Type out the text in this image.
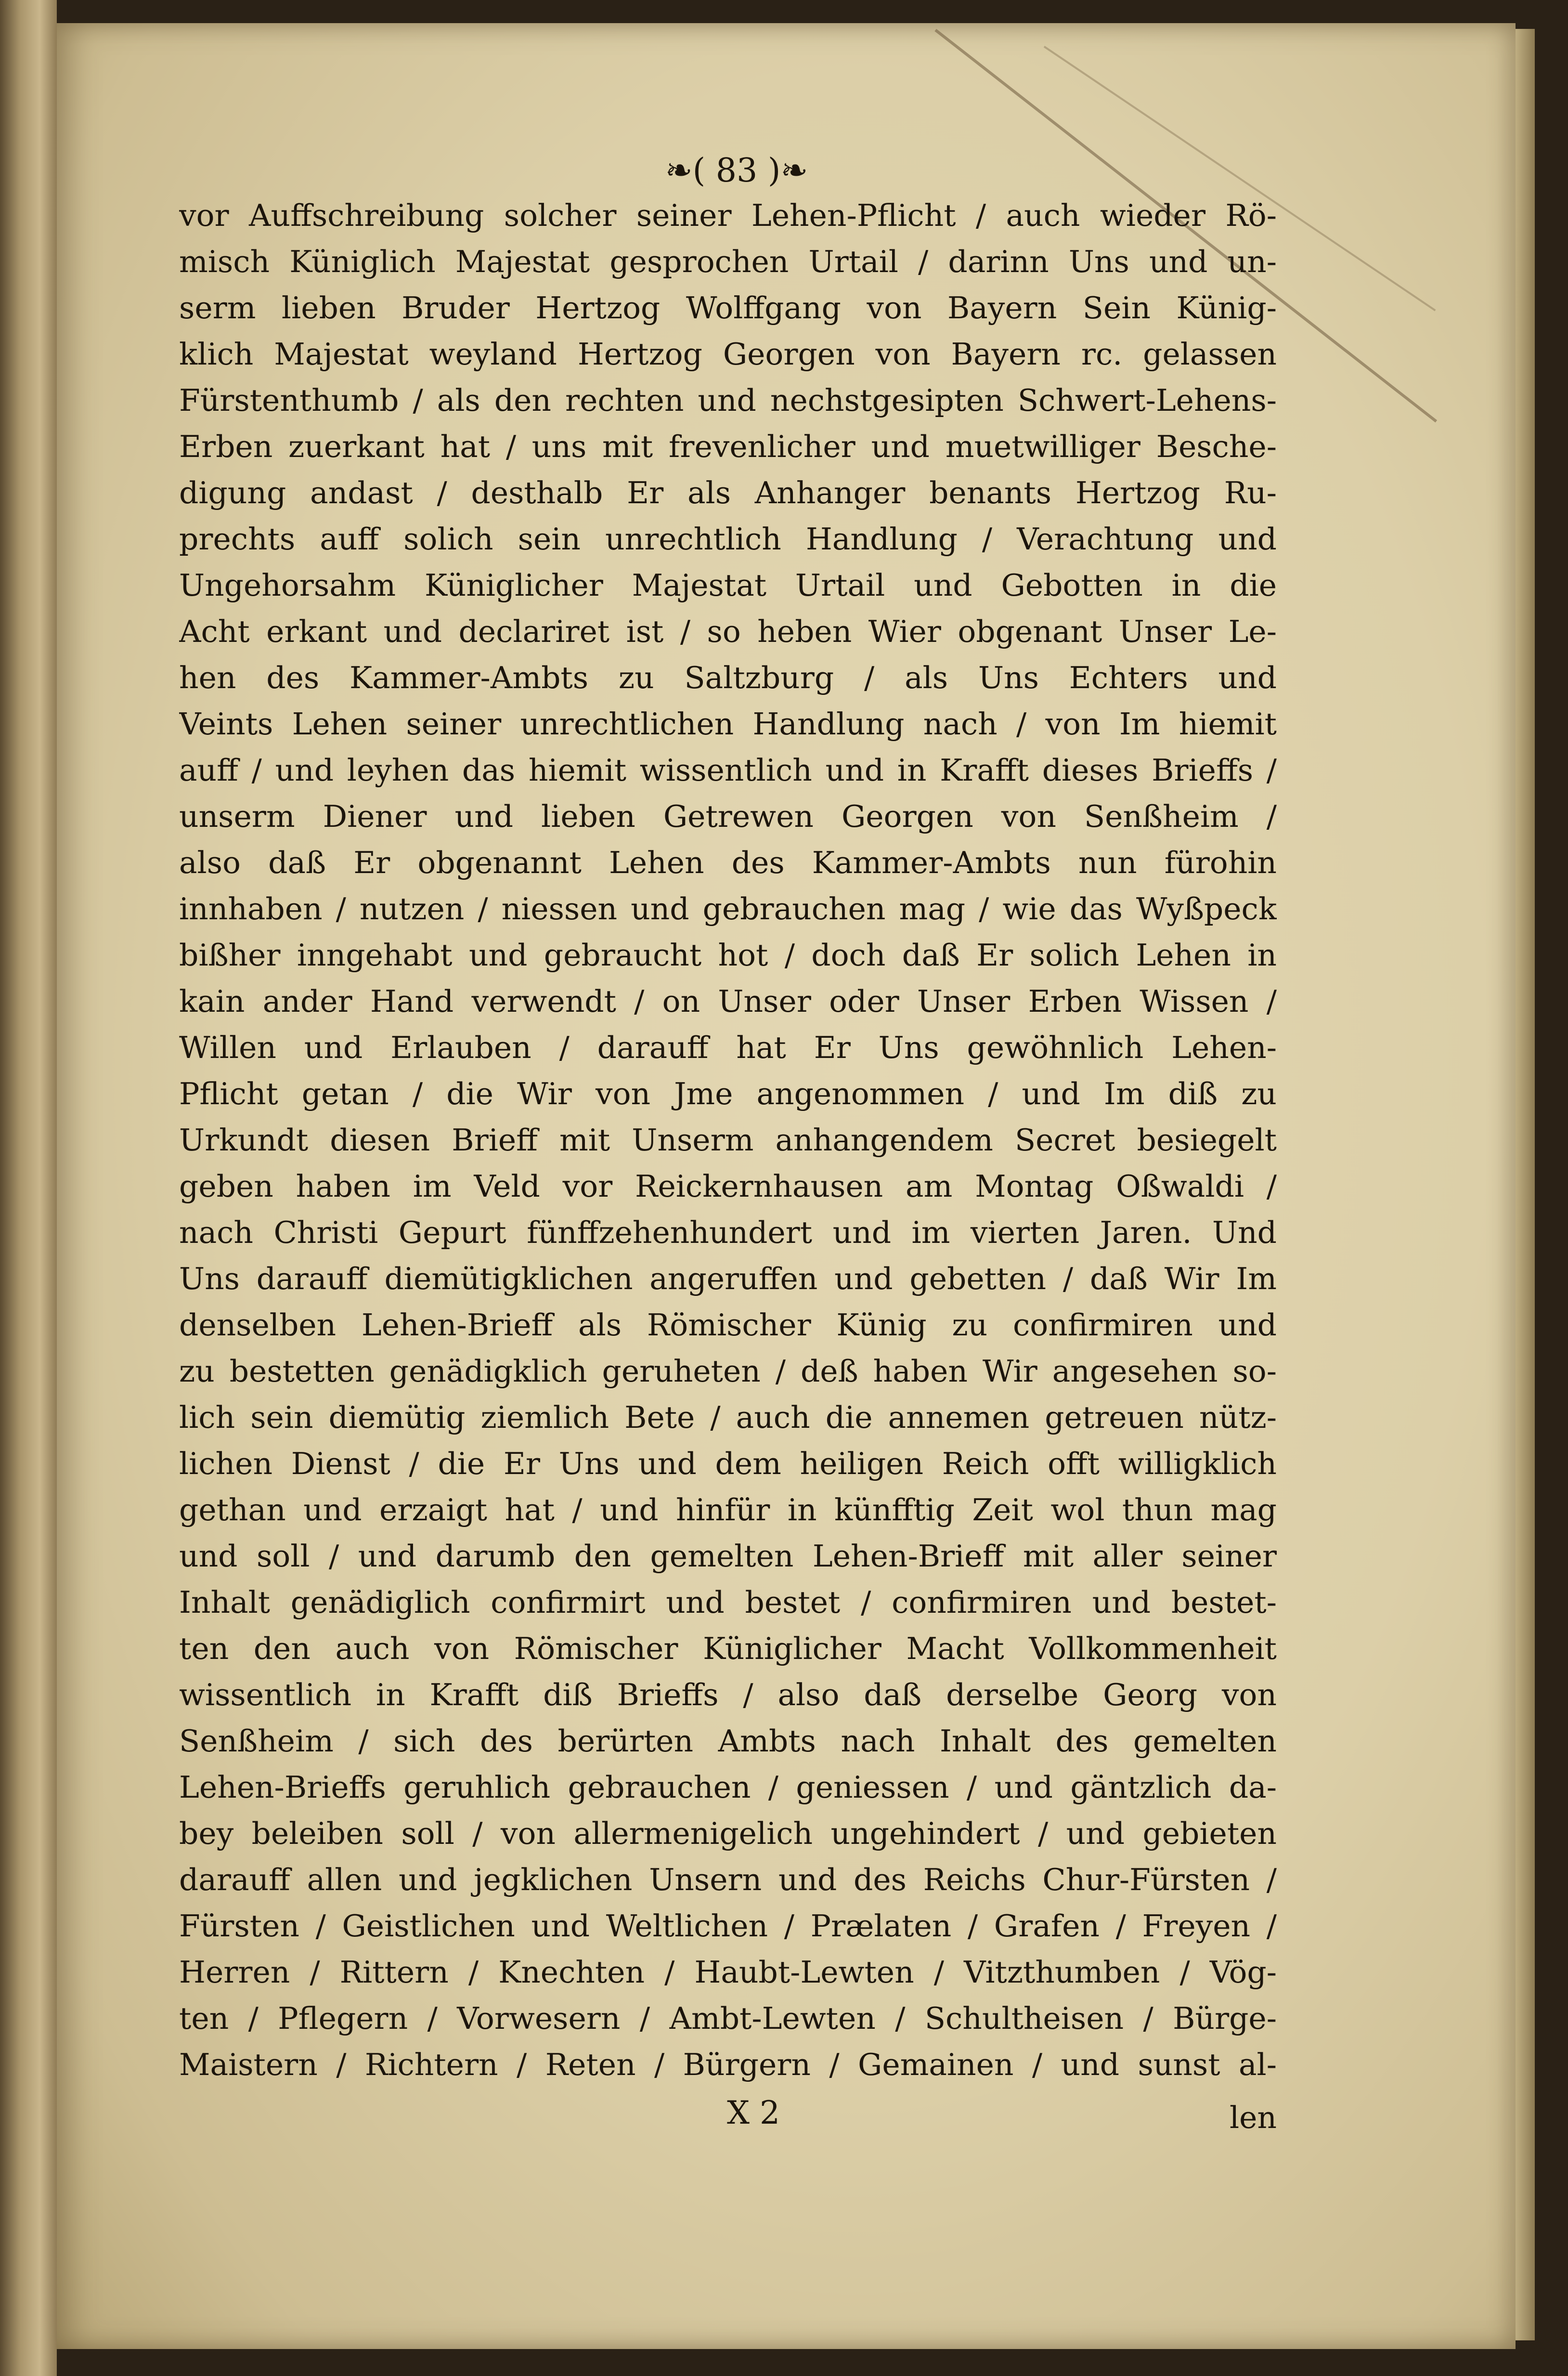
❧( 83 )❧
vor Auffschreibung solcher seiner Lehen-Pflicht / auch wieder Rö-
misch Küniglich Majestat gesprochen Urtail / darinn Uns und un-
serm lieben Bruder Hertzog Wolffgang von Bayern Sein Künig-
klich Majestat weyland Hertzog Georgen von Bayern rc. gelassen
Fürstenthumb / als den rechten und nechstgesipten Schwert-Lehens-
Erben zuerkant hat / uns mit frevenlicher und muetwilliger Besche-
digung andast / desthalb Er als Anhanger benants Hertzog Ru-
prechts auff solich sein unrechtlich Handlung / Verachtung und
Ungehorsahm Küniglicher Majestat Urtail und Gebotten in die
Acht erkant und declariret ist / so heben Wier obgenant Unser Le-
hen des Kammer-Ambts zu Saltzburg / als Uns Echters und
Veints Lehen seiner unrechtlichen Handlung nach / von Im hiemit
auff / und leyhen das hiemit wissentlich und in Krafft dieses Brieffs /
unserm Diener und lieben Getrewen Georgen von Senßheim /
also daß Er obgenannt Lehen des Kammer-Ambts nun fürohin
innhaben / nutzen / niessen und gebrauchen mag / wie das Wyßpeck
bißher inngehabt und gebraucht hot / doch daß Er solich Lehen in
kain ander Hand verwendt / on Unser oder Unser Erben Wissen /
Willen und Erlauben / darauff hat Er Uns gewöhnlich Lehen-
Pflicht getan / die Wir von Jme angenommen / und Im diß zu
Urkundt diesen Brieff mit Unserm anhangendem Secret besiegelt
geben haben im Veld vor Reickernhausen am Montag Oßwaldi /
nach Christi Gepurt fünffzehenhundert und im vierten Jaren. Und
Uns darauff diemütigklichen angeruffen und gebetten / daß Wir Im
denselben Lehen-Brieff als Römischer Künig zu confirmiren und
zu bestetten genädigklich geruheten / deß haben Wir angesehen so-
lich sein diemütig ziemlich Bete / auch die annemen getreuen nütz-
lichen Dienst / die Er Uns und dem heiligen Reich offt willigklich
gethan und erzaigt hat / und hinfür in künfftig Zeit wol thun mag
und soll / und darumb den gemelten Lehen-Brieff mit aller seiner
Inhalt genädiglich confirmirt und bestet / confirmiren und bestet-
ten den auch von Römischer Küniglicher Macht Vollkommenheit
wissentlich in Krafft diß Brieffs / also daß derselbe Georg von
Senßheim / sich des berürten Ambts nach Inhalt des gemelten
Lehen-Brieffs geruhlich gebrauchen / geniessen / und gäntzlich da-
bey beleiben soll / von allermenigelich ungehindert / und gebieten
darauff allen und jegklichen Unsern und des Reichs Chur-Fürsten /
Fürsten / Geistlichen und Weltlichen / Prælaten / Grafen / Freyen /
Herren / Rittern / Knechten / Haubt-Lewten / Vitzthumben / Vög-
ten / Pflegern / Vorwesern / Ambt-Lewten / Schultheisen / Bürge-
Maistern / Richtern / Reten / Bürgern / Gemainen / und sunst al-
X 2	len
